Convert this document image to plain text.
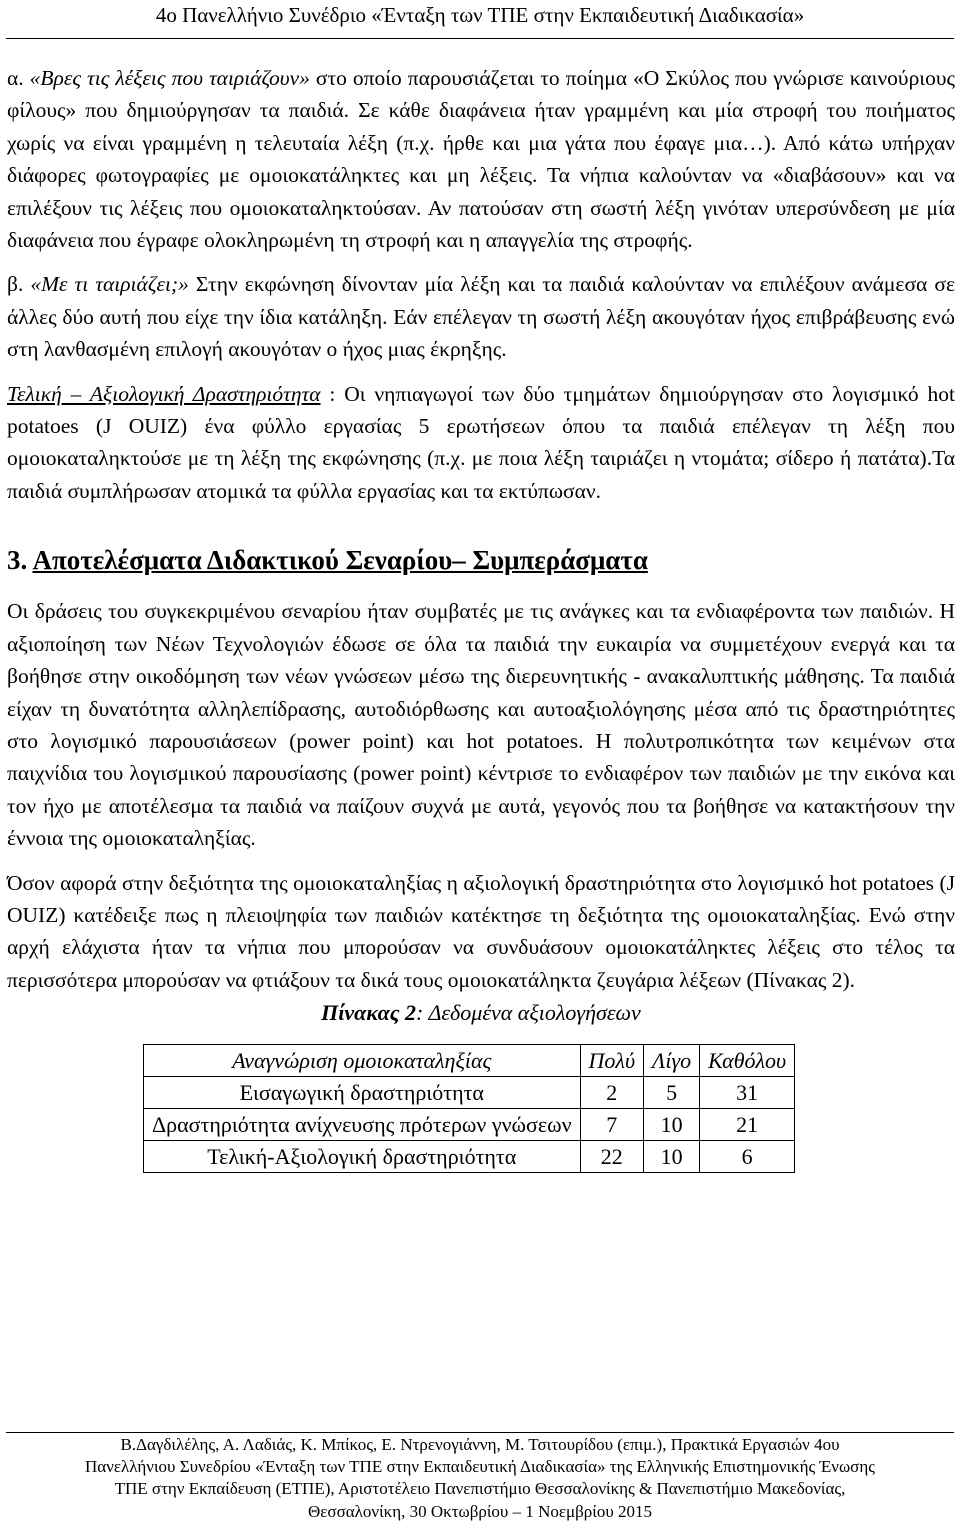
4ο Πανελλήνιο Συνέδριο «Ένταξη των ΤΠΕ στην Εκπαιδευτική Διαδικασία»

α. «Βρες τις λέξεις που ταιριάζουν» στο οποίο παρουσιάζεται το ποίημα «Ο Σκύλος που γνώρισε καινούριους φίλους» που δημιούργησαν τα παιδιά. Σε κάθε διαφάνεια ήταν γραμμένη και μία στροφή του ποιήματος χωρίς να είναι γραμμένη η τελευταία λέξη (π.χ. ήρθε και μια γάτα που έφαγε μια…). Από κάτω υπήρχαν διάφορες φωτογραφίες με ομοιοκατάληκτες και μη λέξεις. Τα νήπια καλούνταν να «διαβάσουν» και να επιλέξουν τις λέξεις που ομοιοκαταληκτούσαν. Αν πατούσαν στη σωστή λέξη γινόταν υπερσύνδεση με μία διαφάνεια που έγραφε ολοκληρωμένη τη στροφή και η απαγγελία της στροφής.

β. «Με τι ταιριάζει;» Στην εκφώνηση δίνονταν μία λέξη και τα παιδιά καλούνταν να επιλέξουν ανάμεσα σε άλλες δύο αυτή που είχε την ίδια κατάληξη. Εάν επέλεγαν τη σωστή λέξη ακουγόταν ήχος επιβράβευσης ενώ στη λανθασμένη επιλογή ακουγόταν ο ήχος μιας έκρηξης.

Τελική – Αξιολογική Δραστηριότητα : Οι νηπιαγωγοί των δύο τμημάτων δημιούργησαν στο λογισμικό hot potatoes (J OUIZ) ένα φύλλο εργασίας 5 ερωτήσεων όπου τα παιδιά επέλεγαν τη λέξη που ομοιοκαταληκτούσε με τη λέξη της εκφώνησης (π.χ. με ποια λέξη ταιριάζει η ντομάτα; σίδερο ή πατάτα).Τα παιδιά συμπλήρωσαν ατομικά τα φύλλα εργασίας και τα εκτύπωσαν.

3. Αποτελέσματα Διδακτικού Σεναρίου– Συμπεράσματα

Οι δράσεις του συγκεκριμένου σεναρίου ήταν συμβατές με τις ανάγκες και τα ενδιαφέροντα των παιδιών. Η αξιοποίηση των Νέων Τεχνολογιών έδωσε σε όλα τα παιδιά την ευκαιρία να συμμετέχουν ενεργά και τα βοήθησε στην οικοδόμηση των νέων γνώσεων μέσω της διερευνητικής - ανακαλυπτικής μάθησης. Τα παιδιά είχαν τη δυνατότητα αλληλεπίδρασης, αυτοδιόρθωσης και αυτοαξιολόγησης μέσα από τις δραστηριότητες στο λογισμικό παρουσιάσεων (power point) και hot potatoes. Η πολυτροπικότητα των κειμένων στα παιχνίδια του λογισμικού παρουσίασης (power point) κέντρισε το ενδιαφέρον των παιδιών με την εικόνα και τον ήχο με αποτέλεσμα τα παιδιά να παίζουν συχνά με αυτά, γεγονός που τα βοήθησε να κατακτήσουν την έννοια της ομοιοκαταληξίας.

Όσον αφορά στην δεξιότητα της ομοιοκαταληξίας η αξιολογική δραστηριότητα στο λογισμικό hot potatoes (J OUIZ) κατέδειξε πως η πλειοψηφία των παιδιών κατέκτησε τη δεξιότητα της ομοιοκαταληξίας. Ενώ στην αρχή ελάχιστα ήταν τα νήπια που μπορούσαν να συνδυάσουν ομοιοκατάληκτες λέξεις στο τέλος τα περισσότερα μπορούσαν να φτιάξουν τα δικά τους ομοιοκατάληκτα ζευγάρια λέξεων (Πίνακας 2).

Πίνακας 2: Δεδομένα αξιολογήσεων
Αναγνώριση ομοιοκαταληξίας	Πολύ	Λίγο	Καθόλου
Εισαγωγική δραστηριότητα	2	5	31
Δραστηριότητα ανίχνευσης πρότερων γνώσεων	7	10	21
Τελική-Αξιολογική δραστηριότητα	22	10	6
Β.Δαγδιλέλης, Α. Λαδιάς, Κ. Μπίκος, Ε. Ντρενογιάννη, Μ. Τσιτουρίδου (επιμ.), Πρακτικά Εργασιών 4ου
Πανελλήνιου Συνεδρίου «Ένταξη των ΤΠΕ στην Εκπαιδευτική Διαδικασία» της Ελληνικής Επιστημονικής Ένωσης
ΤΠΕ στην Εκπαίδευση (ΕΤΠΕ), Αριστοτέλειο Πανεπιστήμιο Θεσσαλονίκης & Πανεπιστήμιο Μακεδονίας,
Θεσσαλονίκη, 30 Οκτωβρίου – 1 Νοεμβρίου 2015
